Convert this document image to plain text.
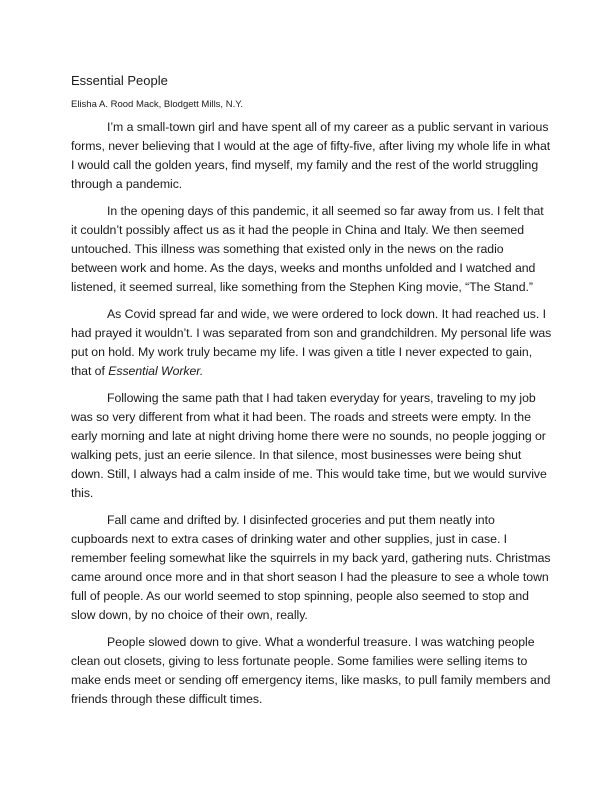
Essential People
Elisha A. Rood Mack, Blodgett Mills, N.Y.

I’m a small-town girl and have spent all of my career as a public servant in various forms, never believing that I would at the age of fifty-five, after living my whole life in what I would call the golden years, find myself, my family and the rest of the world struggling through a pandemic.

In the opening days of this pandemic, it all seemed so far away from us. I felt that it couldn’t possibly affect us as it had the people in China and Italy. We then seemed untouched. This illness was something that existed only in the news on the radio between work and home. As the days, weeks and months unfolded and I watched and listened, it seemed surreal, like something from the Stephen King movie, “The Stand.”

As Covid spread far and wide, we were ordered to lock down. It had reached us. I had prayed it wouldn’t. I was separated from son and grandchildren. My personal life was put on hold. My work truly became my life. I was given a title I never expected to gain, that of Essential Worker.

Following the same path that I had taken everyday for years, traveling to my job was so very different from what it had been. The roads and streets were empty. In the early morning and late at night driving home there were no sounds, no people jogging or walking pets, just an eerie silence. In that silence, most businesses were being shut down. Still, I always had a calm inside of me. This would take time, but we would survive this.

Fall came and drifted by. I disinfected groceries and put them neatly into cupboards next to extra cases of drinking water and other supplies, just in case. I remember feeling somewhat like the squirrels in my back yard, gathering nuts. Christmas came around once more and in that short season I had the pleasure to see a whole town full of people. As our world seemed to stop spinning, people also seemed to stop and slow down, by no choice of their own, really.

People slowed down to give. What a wonderful treasure. I was watching people clean out closets, giving to less fortunate people. Some families were selling items to make ends meet or sending off emergency items, like masks, to pull family members and friends through these difficult times.
